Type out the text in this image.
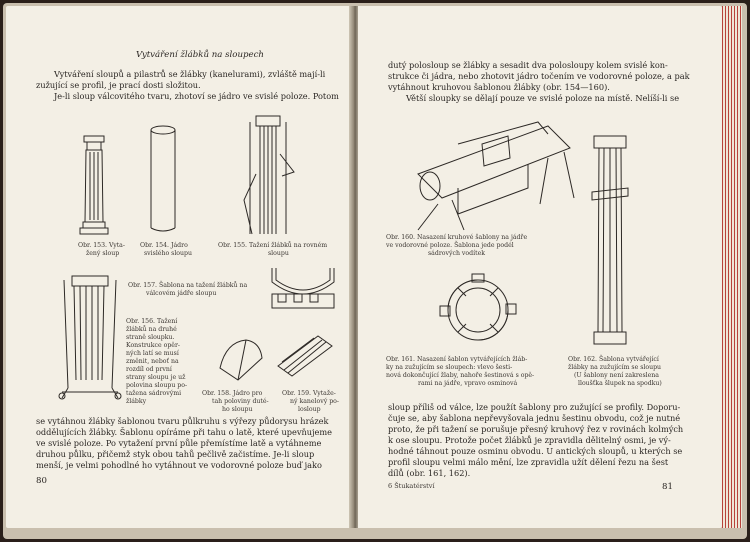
Vytváření žlábků na sloupech
Vytváření sloupů a pilastrů se žlábky (kanelurami), zvláště mají-li
zužující se profil, je prací dosti složitou.
Je-li sloup válcovitého tvaru, zhotoví se jádro ve svislé poloze. Potom
Obr. 153. Vyta-
žený sloup
Obr. 154. Jádro
svislého sloupu
Obr. 155. Tažení žlábků na rovném
sloupu
Obr. 157. Šablona na tažení žlábků na
válcovém jádře sloupu
Obr. 156. Tažení
žlábků na druhé
straně sloupku.
Konstrukce opěr-
ných latí se musí
změnit, neboť na
rozdíl od první
strany sloupu je už
polovina sloupu po-
tažena sádrovými
žlábky
Obr. 158. Jádro pro
tah poloviny duté-
ho sloupu
Obr. 159. Vytaže-
ný kanelový po-
losloup
se vytáhnou žlábky šablonou tvaru půlkruhu s výřezy půdorysu hrázek
oddělujících žlábky. Šablonu opíráme při tahu o latě, které upevňujeme
ve svislé poloze. Po vytažení první půle přemístíme latě a vytáhneme
druhou půlku, přičemž styk obou tahů pečlivě začistíme. Je-li sloup
menší, je velmi pohodlné ho vytáhnout ve vodorovné poloze buď jako
80
dutý polosloup se žlábky a sesadit dva polosloupy kolem svislé kon-
strukce či jádra, nebo zhotovit jádro točením ve vodorovné poloze, a pak
vytáhnout kruhovou šablonou žlábky (obr. 154—160).
Větší sloupky se dělají pouze ve svislé poloze na místě. Nelíší-li se
Obr. 160. Nasazení kruhové šablony na jádře
ve vodorovné poloze. Šablona jede podél
sádrových vodítek
Obr. 161. Nasazení šablon vytvářejících žláb-
ky na zužujícím se sloupech: vlevo šesti-
nová dokončující žlaby, nahoře šestinová s opě-
rami na jádře, vpravo osminová
Obr. 162. Šablona vytvářející
žlábky na zužujícím se sloupu
(U šablony není zakreslena
lloušťka šlupek na spodku)
sloup příliš od válce, lze použít šablony pro zužující se profily. Doporu-
čuje se, aby šablona nepřevyšovala jednu šestinu obvodu, což je nutné
proto, že při tažení se porušuje přesný kruhový řez v rovinách kolmých
k ose sloupu. Protože počet žlábků je zpravidla dělitelný osmi, je vý-
hodné táhnout pouze osminu obvodu. U antických sloupů, u kterých se
profil sloupu velmi málo mění, lze zpravidla užít dělení řezu na šest
dílů (obr. 161, 162).
6 Štukatérství	81
